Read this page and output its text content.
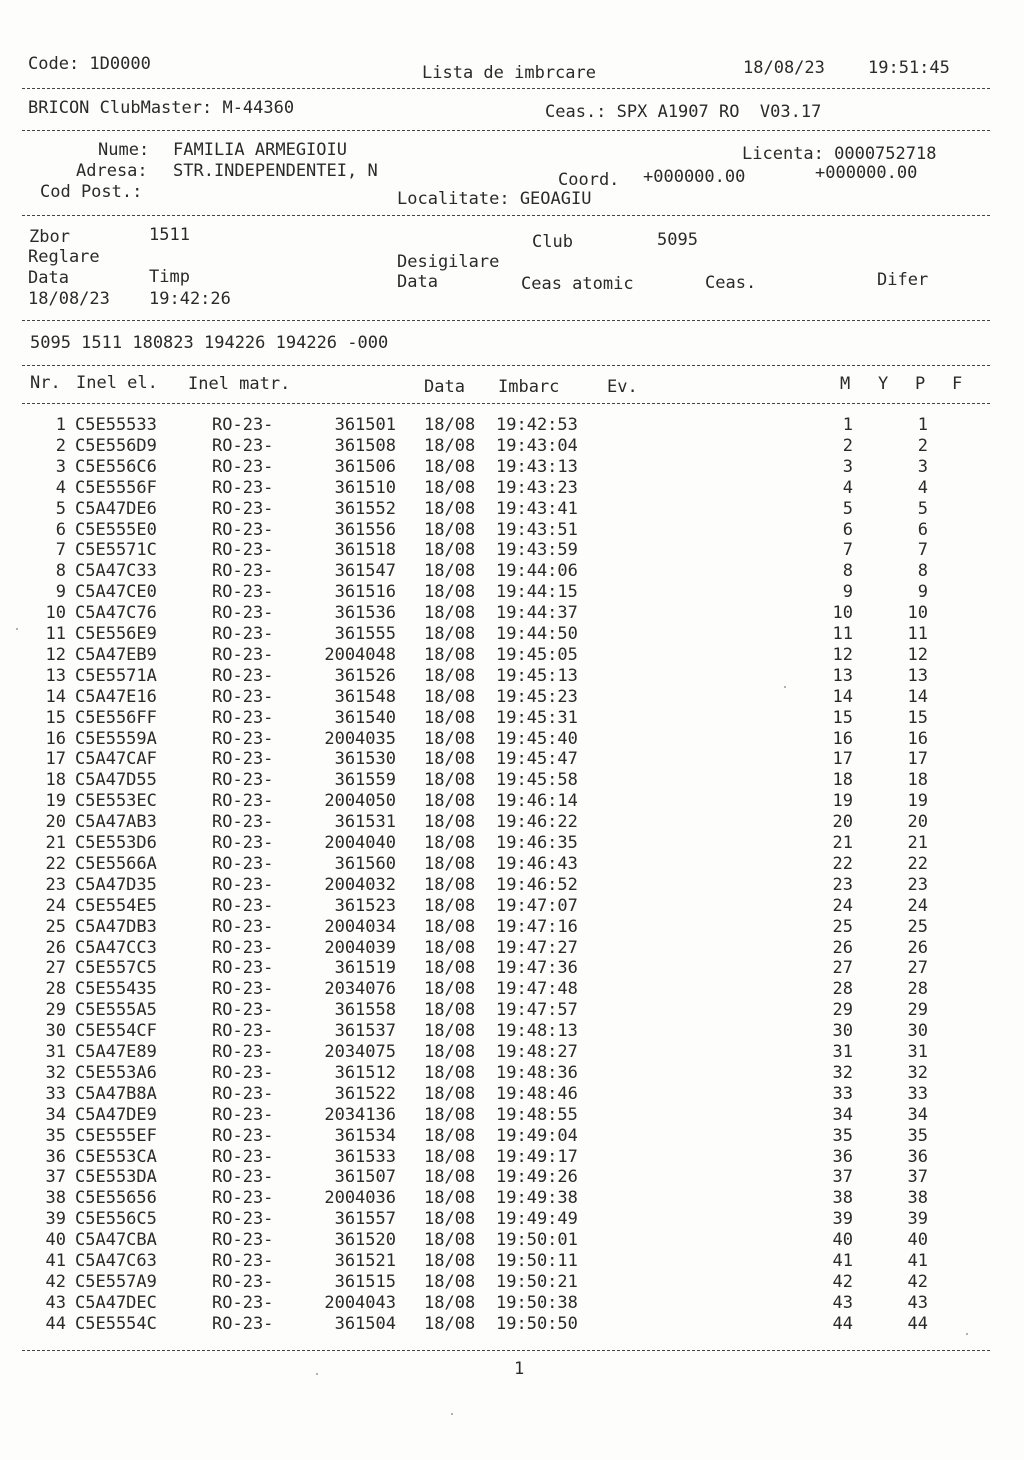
Code: 1D0000	Lista de imbrcare	18/08/23	19:51:45
BRICON ClubMaster: M-44360	Ceas.: SPX A1907 RO  V03.17
Nume: FAMILIA ARMEGIOIU	Licenta: 0000752718
Adresa: STR.INDEPENDENTEI, N	Coord. +000000.00	+000000.00
Cod Post.:	Localitate: GEOAGIU
Zbor	1511	Club	5095
Reglare	Desigilare
Data	Timp	Data	Ceas atomic	Ceas.	Difer
18/08/23 19:42:26
5095 1511 180823 194226 194226 -000
Nr. Inel el. Inel matr.	Data Imbarc	Ev.	M Y P F
1 C5E55533	RO-23-	361501 18/08 19:42:53	1	1
2 C5E556D9	RO-23-	361508 18/08 19:43:04	2	2
3 C5E556C6	RO-23-	361506 18/08 19:43:13	3	3
4 C5E5556F	RO-23-	361510 18/08 19:43:23	4	4
5 C5A47DE6	RO-23-	361552 18/08 19:43:41	5	5
6 C5E555E0	RO-23-	361556 18/08 19:43:51	6	6
7 C5E5571C	RO-23-	361518 18/08 19:43:59	7	7
8 C5A47C33	RO-23-	361547 18/08 19:44:06	8	8
9 C5A47CE0	RO-23-	361516 18/08 19:44:15	9	9
10 C5A47C76	RO-23-	361536 18/08 19:44:37	10	10
11 C5E556E9	RO-23-	361555 18/08 19:44:50	11	11
12 C5A47EB9	RO-23-	2004048 18/08 19:45:05	12	12
13 C5E5571A	RO-23-	361526 18/08 19:45:13	13	13
14 C5A47E16	RO-23-	361548 18/08 19:45:23	14	14
15 C5E556FF	RO-23-	361540 18/08 19:45:31	15	15
16 C5E5559A	RO-23-	2004035 18/08 19:45:40	16	16
17 C5A47CAF	RO-23-	361530 18/08 19:45:47	17	17
18 C5A47D55	RO-23-	361559 18/08 19:45:58	18	18
19 C5E553EC	RO-23-	2004050 18/08 19:46:14	19	19
20 C5A47AB3	RO-23-	361531 18/08 19:46:22	20	20
21 C5E553D6	RO-23-	2004040 18/08 19:46:35	21	21
22 C5E5566A	RO-23-	361560 18/08 19:46:43	22	22
23 C5A47D35	RO-23-	2004032 18/08 19:46:52	23	23
24 C5E554E5	RO-23-	361523 18/08 19:47:07	24	24
25 C5A47DB3	RO-23-	2004034 18/08 19:47:16	25	25
26 C5A47CC3	RO-23-	2004039 18/08 19:47:27	26	26
27 C5E557C5	RO-23-	361519 18/08 19:47:36	27	27
28 C5E55435	RO-23-	2034076 18/08 19:47:48	28	28
29 C5E555A5	RO-23-	361558 18/08 19:47:57	29	29
30 C5E554CF	RO-23-	361537 18/08 19:48:13	30	30
31 C5A47E89	RO-23-	2034075 18/08 19:48:27	31	31
32 C5E553A6	RO-23-	361512 18/08 19:48:36	32	32
33 C5A47B8A	RO-23-	361522 18/08 19:48:46	33	33
34 C5A47DE9	RO-23-	2034136 18/08 19:48:55	34	34
35 C5E555EF	RO-23-	361534 18/08 19:49:04	35	35
36 C5E553CA	RO-23-	361533 18/08 19:49:17	36	36
37 C5E553DA	RO-23-	361507 18/08 19:49:26	37	37
38 C5E55656	RO-23-	2004036 18/08 19:49:38	38	38
39 C5E556C5	RO-23-	361557 18/08 19:49:49	39	39
40 C5A47CBA	RO-23-	361520 18/08 19:50:01	40	40
41 C5A47C63	RO-23-	361521 18/08 19:50:11	41	41
42 C5E557A9	RO-23-	361515 18/08 19:50:21	42	42
43 C5A47DEC	RO-23-	2004043 18/08 19:50:38	43	43
44 C5E5554C	RO-23-	361504 18/08 19:50:50	44	44
1
